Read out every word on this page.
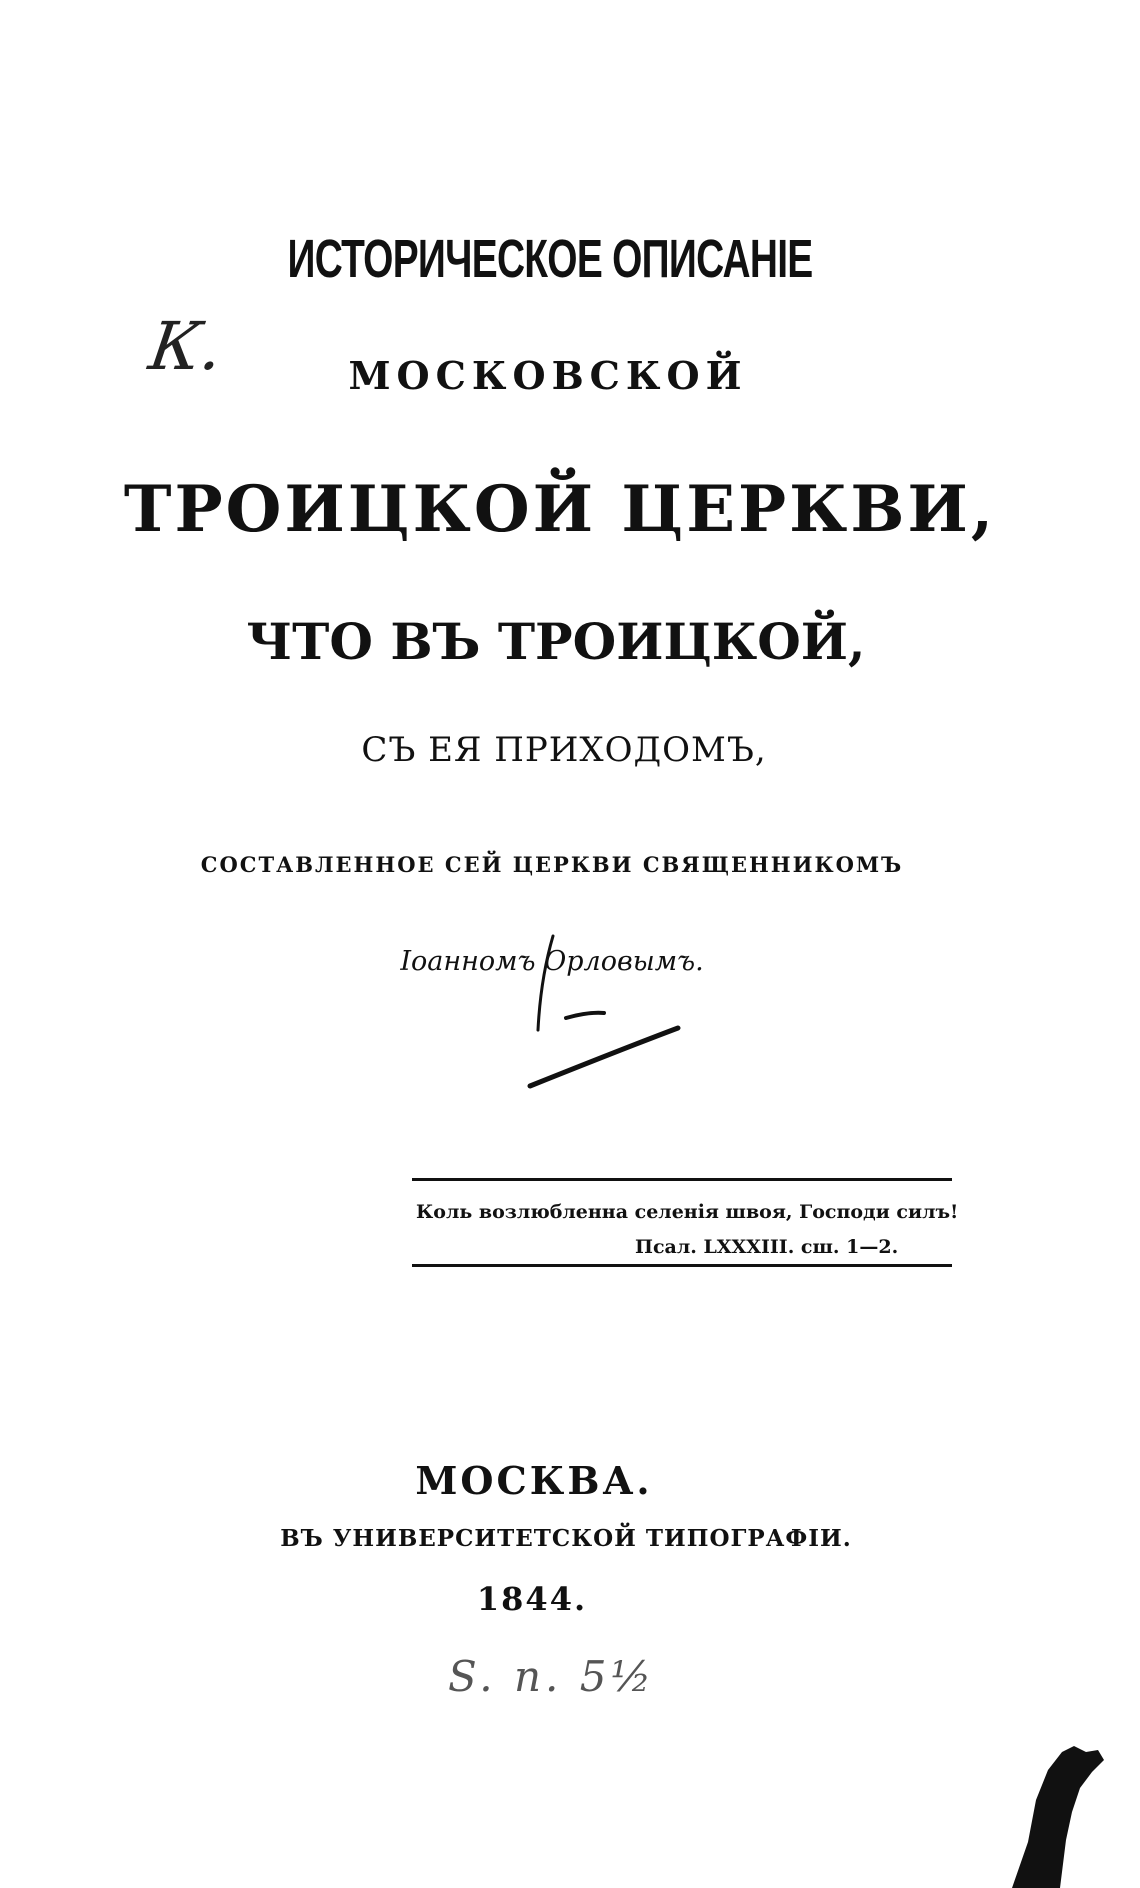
К.
ИСТОРИЧЕСКОЕ ОПИСАНІЕ
МОСКОВСКОЙ
ТРОИЦКОЙ ЦЕРКВИ,
ЧТО ВЪ ТРОИЦКОЙ,
СЪ ЕЯ ПРИХОДОМЪ,
СОСТАВЛЕННОЕ СЕЙ ЦЕРКВИ СВЯЩЕННИКОМЪ
Іоанномъ Орловымъ.
Коль возлюбленна селенія швоя, Господи силъ!
Псал. LXXXIII. сш. 1—2.
МОСКВА.
ВЪ УНИВЕРСИТЕТСКОЙ ТИПОГРАФІИ.
1844.
S. n. 5½
